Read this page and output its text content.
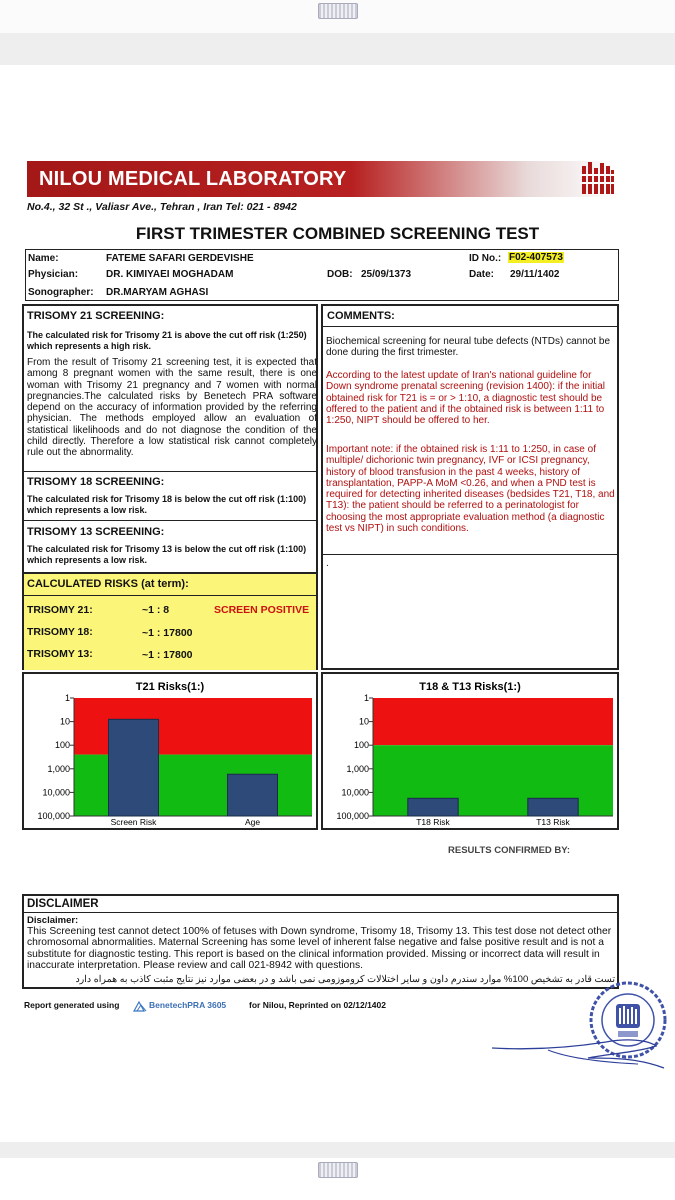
NILOU MEDICAL LABORATORY
No.4., 32 St ., Valiasr Ave., Tehran , Iran Tel: 021 - 8942
FIRST TRIMESTER COMBINED SCREENING TEST
Name:	FATEME SAFARI GERDEVISHE
Physician:	DR. KIMIYAEI MOGHADAM
Sonographer: DR.MARYAM AGHASI
DOB: 25/09/1373
ID No.: F02-407573
Date: 29/11/1402
TRISOMY 21 SCREENING:
The calculated risk for Trisomy 21 is above the cut off risk (1:250) which represents a high risk.
From the result of Trisomy 21 screening test, it is expected that among 8 pregnant women with the same result, there is one woman with Trisomy 21 pregnancy and 7 women with normal pregnancies.The calculated risks by Benetech PRA software depend on the accuracy of information provided by the referring physician. The methods employed allow an evaluation of statistical likelihoods and do not diagnose the condition of the child directly. Therefore a low statistical risk cannot completely rule out the abnormality.
TRISOMY 18 SCREENING:
The calculated risk for Trisomy 18 is below the cut off risk (1:100) which represents a low risk.
TRISOMY 13 SCREENING:
The calculated risk for Trisomy 13 is below the cut off risk (1:100) which represents a low risk.
CALCULATED RISKS (at term):
TRISOMY 21:	~1 : 8	SCREEN POSITIVE
TRISOMY 18:	~1 : 17800
TRISOMY 13:	~1 : 17800
COMMENTS:
Biochemical screening for neural tube defects (NTDs) cannot be done during the first trimester.
According to the latest update of Iran's national guideline for Down syndrome prenatal screening (revision 1400): if the initial obtained risk for T21 is = or > 1:10, a diagnostic test should be offered to the patient and if the obtained risk is between 1:11 to 1:250, NIPT should be offered to her.
Important note: if the obtained risk is 1:11 to 1:250, in case of multiple/ dichorionic twin pregnancy, IVF or ICSI pregnancy, history of blood transfusion in the past 4 weeks, history of transplantation, PAPP-A MoM <0.26, and when a PND test is required for detecting inherited diseases (bedsides T21, T18, and T13): the patient should be referred to a perinatologist for choosing the most appropriate evaluation method (a diagnostic test vs NIPT) in such conditions.
.
T21 Risks(1:)
1
10
100
1,000
10,000
100,000
Screen Risk	Age
T18 & T13 Risks(1:)
1
10
100
1,000
10,000
100,000
T18 Risk	T13 Risk
RESULTS CONFIRMED BY:
DISCLAIMER
Disclaimer:
This Screening test cannot detect 100% of fetuses with Down syndrome, Trisomy 18, Trisomy 13. This test dose not detect other chromosomal abnormalities. Maternal Screening has some level of inherent false negative and false positive result and is not a substitute for diagnostic testing. This report is based on the clinical information provided. Missing or incorrect data will result in inaccurate interpretation. Please review and call 021-8942 with questions.
تست قادر به تشخیص 100% موارد سندرم داون و سایر اختلالات کروموزومی نمی باشد و در بعضی موارد نیز نتایج مثبت کاذب به همراه دارد
Report generated using	BenetechPRA 3605	for Nilou, Reprinted on 02/12/1402
